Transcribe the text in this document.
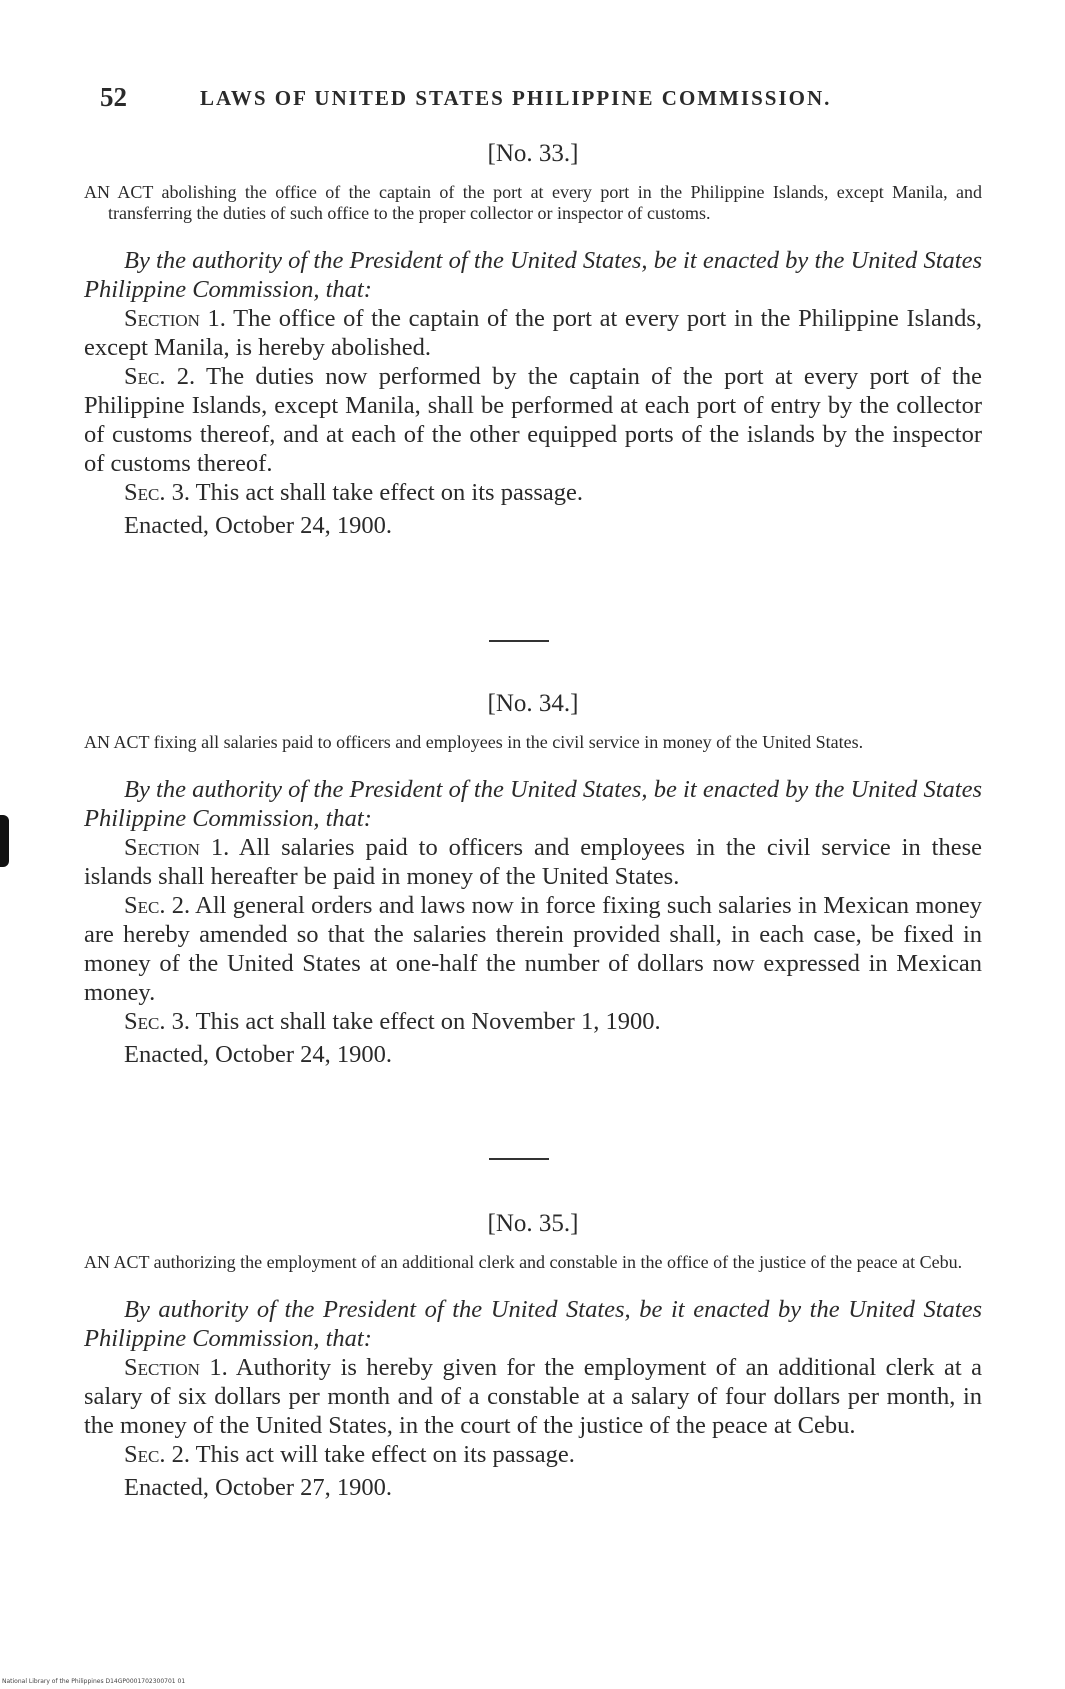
52	LAWS OF UNITED STATES PHILIPPINE COMMISSION.

[No. 33.]

AN ACT abolishing the office of the captain of the port at every port in the Philippine Islands, except Manila, and transferring the duties of such office to the proper collector or inspector of customs.

By the authority of the President of the United States, be it enacted by the United States Philippine Commission, that:

Section 1. The office of the captain of the port at every port in the Philippine Islands, except Manila, is hereby abolished.

Sec. 2. The duties now performed by the captain of the port at every port of the Philippine Islands, except Manila, shall be performed at each port of entry by the collector of customs thereof, and at each of the other equipped ports of the islands by the inspector of customs thereof.

Sec. 3. This act shall take effect on its passage.

Enacted, October 24, 1900.

[No. 34.]

AN ACT fixing all salaries paid to officers and employees in the civil service in money of the United States.

By the authority of the President of the United States, be it enacted by the United States Philippine Commission, that:

Section 1. All salaries paid to officers and employees in the civil service in these islands shall hereafter be paid in money of the United States.

Sec. 2. All general orders and laws now in force fixing such salaries in Mexican money are hereby amended so that the salaries therein provided shall, in each case, be fixed in money of the United States at one-half the number of dollars now expressed in Mexican money.

Sec. 3. This act shall take effect on November 1, 1900.

Enacted, October 24, 1900.

[No. 35.]

AN ACT authorizing the employment of an additional clerk and constable in the office of the justice of the peace at Cebu.

By authority of the President of the United States, be it enacted by the United States Philippine Commission, that:

Section 1. Authority is hereby given for the employment of an additional clerk at a salary of six dollars per month and of a constable at a salary of four dollars per month, in the money of the United States, in the court of the justice of the peace at Cebu.

Sec. 2. This act will take effect on its passage.

Enacted, October 27, 1900.

National Library of the Philippines D14GP0001702300701 01
